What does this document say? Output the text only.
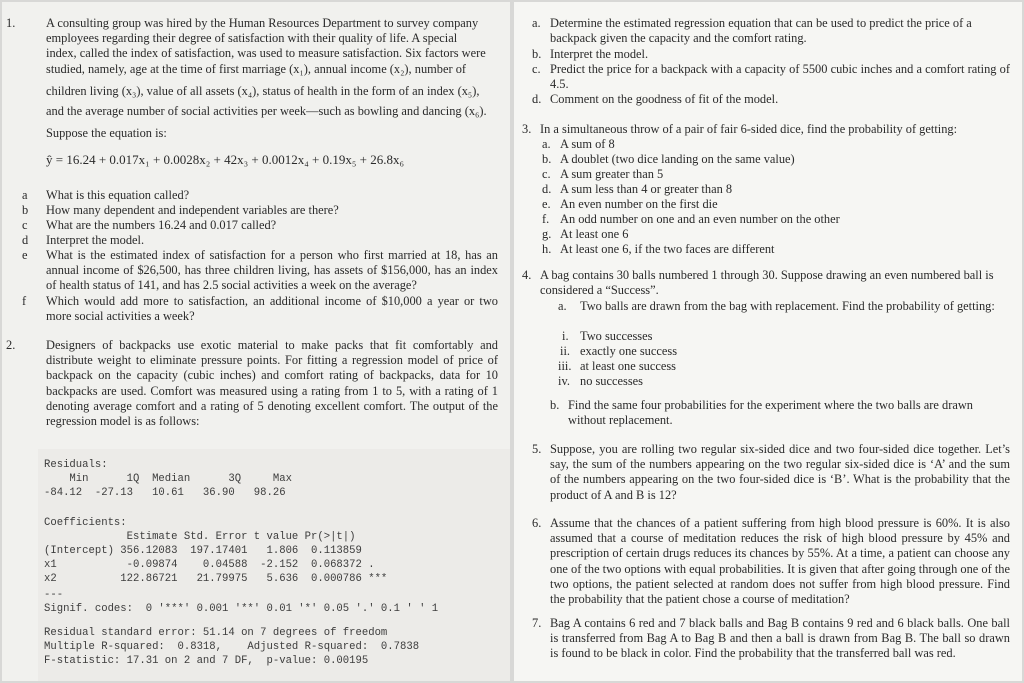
1. A consulting group was hired by the Human Resources Department to survey company
employees regarding their degree of satisfaction with their quality of life. A special
index, called the index of satisfaction, was used to measure satisfaction. Six factors were
studied, namely, age at the time of first marriage (x₁), annual income (x₂), number of
children living (x₃), value of all assets (x₄), status of health in the form of an index (x₅),
and the average number of social activities per week—such as bowling and dancing (x₆).
Suppose the equation is:
ŷ = 16.24 + 0.017x₁ + 0.0028x₂ + 42x₃ + 0.0012x₄ + 0.19x₅ + 26.8x₆
a What is this equation called?
b How many dependent and independent variables are there?
c What are the numbers 16.24 and 0.017 called?
d Interpret the model.
e What is the estimated index of satisfaction for a person who first married at 18, has an annual income of $26,500, has three children living, has assets of $156,000, has an index of health status of 141, and has 2.5 social activities a week on the average?
f Which would add more to satisfaction, an additional income of $10,000 a year or two more social activities a week?
2. Designers of backpacks use exotic material to make packs that fit comfortably and distribute weight to eliminate pressure points. For fitting a regression model of price of backpack on the capacity (cubic inches) and comfort rating of backpacks, data for 10 backpacks are used. Comfort was measured using a rating from 1 to 5, with a rating of 1 denoting average comfort and a rating of 5 denoting excellent comfort. The output of the regression model is as follows:
Residuals:
Min      1Q  Median      3Q     Max
-84.12  -27.13   10.61   36.90   98.26
Coefficients:
Estimate Std. Error t value Pr(>|t|)
(Intercept) 356.12083  197.17401   1.806  0.113859
x1           -0.09874    0.04588  -2.152  0.068372 .
x2          122.86721   21.79975   5.636  0.000786 ***
---
Signif. codes:  0 '***' 0.001 '**' 0.01 '*' 0.05 '.' 0.1 ' ' 1
Residual standard error: 51.14 on 7 degrees of freedom
Multiple R-squared:  0.8318,    Adjusted R-squared:  0.7838
F-statistic: 17.31 on 2 and 7 DF,  p-value: 0.00195
a. Determine the estimated regression equation that can be used to predict the price of a backpack given the capacity and the comfort rating.
b. Interpret the model.
c. Predict the price for a backpack with a capacity of 5500 cubic inches and a comfort rating of 4.5.
d. Comment on the goodness of fit of the model.
3. In a simultaneous throw of a pair of fair 6-sided dice, find the probability of getting:
a. A sum of 8
b. A doublet (two dice landing on the same value)
c. A sum greater than 5
d. A sum less than 4 or greater than 8
e. An even number on the first die
f. An odd number on one and an even number on the other
g. At least one 6
h. At least one 6, if the two faces are different
4. A bag contains 30 balls numbered 1 through 30. Suppose drawing an even numbered ball is considered a “Success”.
a. Two balls are drawn from the bag with replacement. Find the probability of getting:
i. Two successes
ii. exactly one success
iii. at least one success
iv. no successes
b. Find the same four probabilities for the experiment where the two balls are drawn without replacement.
5. Suppose, you are rolling two regular six-sided dice and two four-sided dice together. Let’s say, the sum of the numbers appearing on the two regular six-sided dice is ‘A’ and the sum of the numbers appearing on the two four-sided dice is ‘B’. What is the probability that the product of A and B is 12?
6. Assume that the chances of a patient suffering from high blood pressure is 60%. It is also assumed that a course of meditation reduces the risk of high blood pressure by 45% and prescription of certain drugs reduces its chances by 55%. At a time, a patient can choose any one of the two options with equal probabilities. It is given that after going through one of the two options, the patient selected at random does not suffer from high blood pressure. Find the probability that the patient chose a course of meditation?
7. Bag A contains 6 red and 7 black balls and Bag B contains 9 red and 6 black balls. One ball is transferred from Bag A to Bag B and then a ball is drawn from Bag B. The ball so drawn is found to be black in color. Find the probability that the transferred ball was red.
